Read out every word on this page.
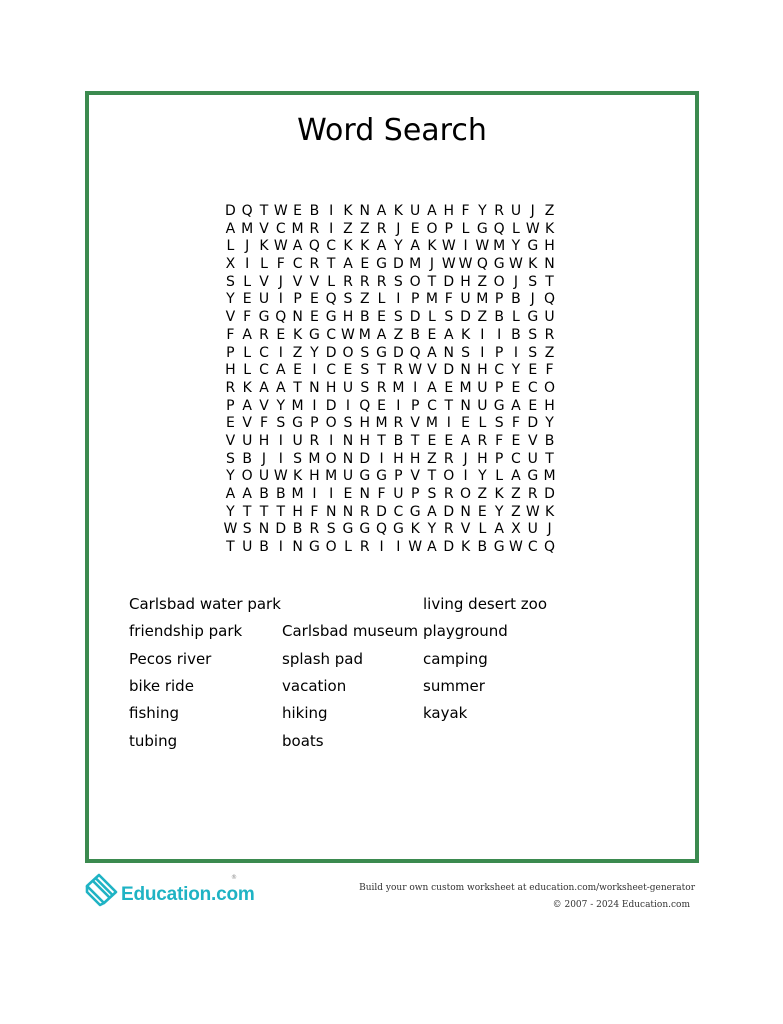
Word Search
D Q T W E B I K N A K U A H F Y R U J Z
A M V C M R I Z Z R J E O P L G Q L W K
L J K W A Q C K K A Y A K W I W M Y G H
X I L F C R T A E G D M J W W Q G W K N
S L V J V V L R R R S O T D H Z O J S T
Y E U I P E Q S Z L I P M F U M P B J Q
V F G Q N E G H B E S D L S D Z B L G U
F A R E K G C W M A Z B E A K I I B S R
P L C I Z Y D O S G D Q A N S I P I S Z
H L C A E I C E S T R W V D N H C Y E F
R K A A T N H U S R M I A E M U P E C O
P A V Y M I D I Q E I P C T N U G A E H
E V F S G P O S H M R V M I E L S F D Y
V U H I U R I N H T B T E E A R F E V B
S B J I S M O N D I H H Z R J H P C U T
Y O U W K H M U G G P V T O I Y L A G M
A A B B M I I E N F U P S R O Z K Z R D
Y T T T H F N N R D C G A D N E Y Z W K
W S N D B R S G G Q G K Y R V L A X U J
T U B I N G O L R I I W A D K B G W C Q
Carlsbad water park
friendship park
Pecos river
bike ride
fishing
tubing
Carlsbad museum
splash pad
vacation
hiking
boats
living desert zoo
playground
camping
summer
kayak
Education.com
®
Build your own custom worksheet at education.com/worksheet-generator
© 2007 - 2024 Education.com
